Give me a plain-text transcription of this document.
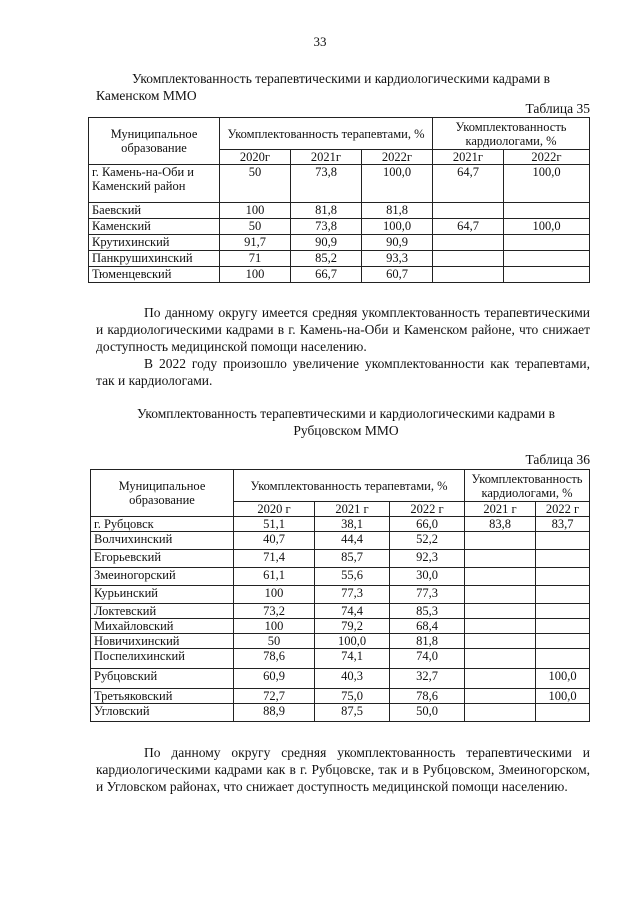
33
Укомплектованность терапевтическими и кардиологическими кадрами в
Каменском ММО
Таблица 35
Муниципальное образование	Укомплектованность терапевтами, %			Укомплектованность кардиологами, %	
	2020г	2021г	2022г	2021г	2022г
г. Камень-на-Оби и Каменский район	50	73,8	100,0	64,7	100,0
Баевский	100	81,8	81,8		
Каменский	50	73,8	100,0	64,7	100,0
Крутихинский	91,7	90,9	90,9		
Панкрушихинский	71	85,2	93,3		
Тюменцевский	100	66,7	60,7		

По данному округу имеется средняя укомплектованность терапевтическими и кардиологическими кадрами в г. Камень-на-Оби и Каменском районе, что снижает доступность медицинской помощи населению.

В 2022 году произошло увеличение укомплектованности как терапевтами, так и кардиологами.

Укомплектованность терапевтическими и кардиологическими кадрами в
Рубцовском ММО
Таблица 36
Муниципальное образование	Укомплектованность терапевтами, %			Укомплектованность кардиологами, %	
	2020 г	2021 г	2022 г	2021 г	2022 г
г. Рубцовск	51,1	38,1	66,0	83,8	83,7
Волчихинский	40,7	44,4	52,2		
Егорьевский	71,4	85,7	92,3		
Змеиногорский	61,1	55,6	30,0		
Курьинский	100	77,3	77,3		
Локтевский	73,2	74,4	85,3		
Михайловский	100	79,2	68,4		
Новичихинский	50	100,0	81,8		
Поспелихинский	78,6	74,1	74,0		
Рубцовский	60,9	40,3	32,7		100,0
Третьяковский	72,7	75,0	78,6		100,0
Угловский	88,9	87,5	50,0		

По данному округу средняя укомплектованность терапевтическими и кардиологическими кадрами как в г. Рубцовске, так и в Рубцовском, Змеиногорском, и Угловском районах, что снижает доступность медицинской помощи населению.
